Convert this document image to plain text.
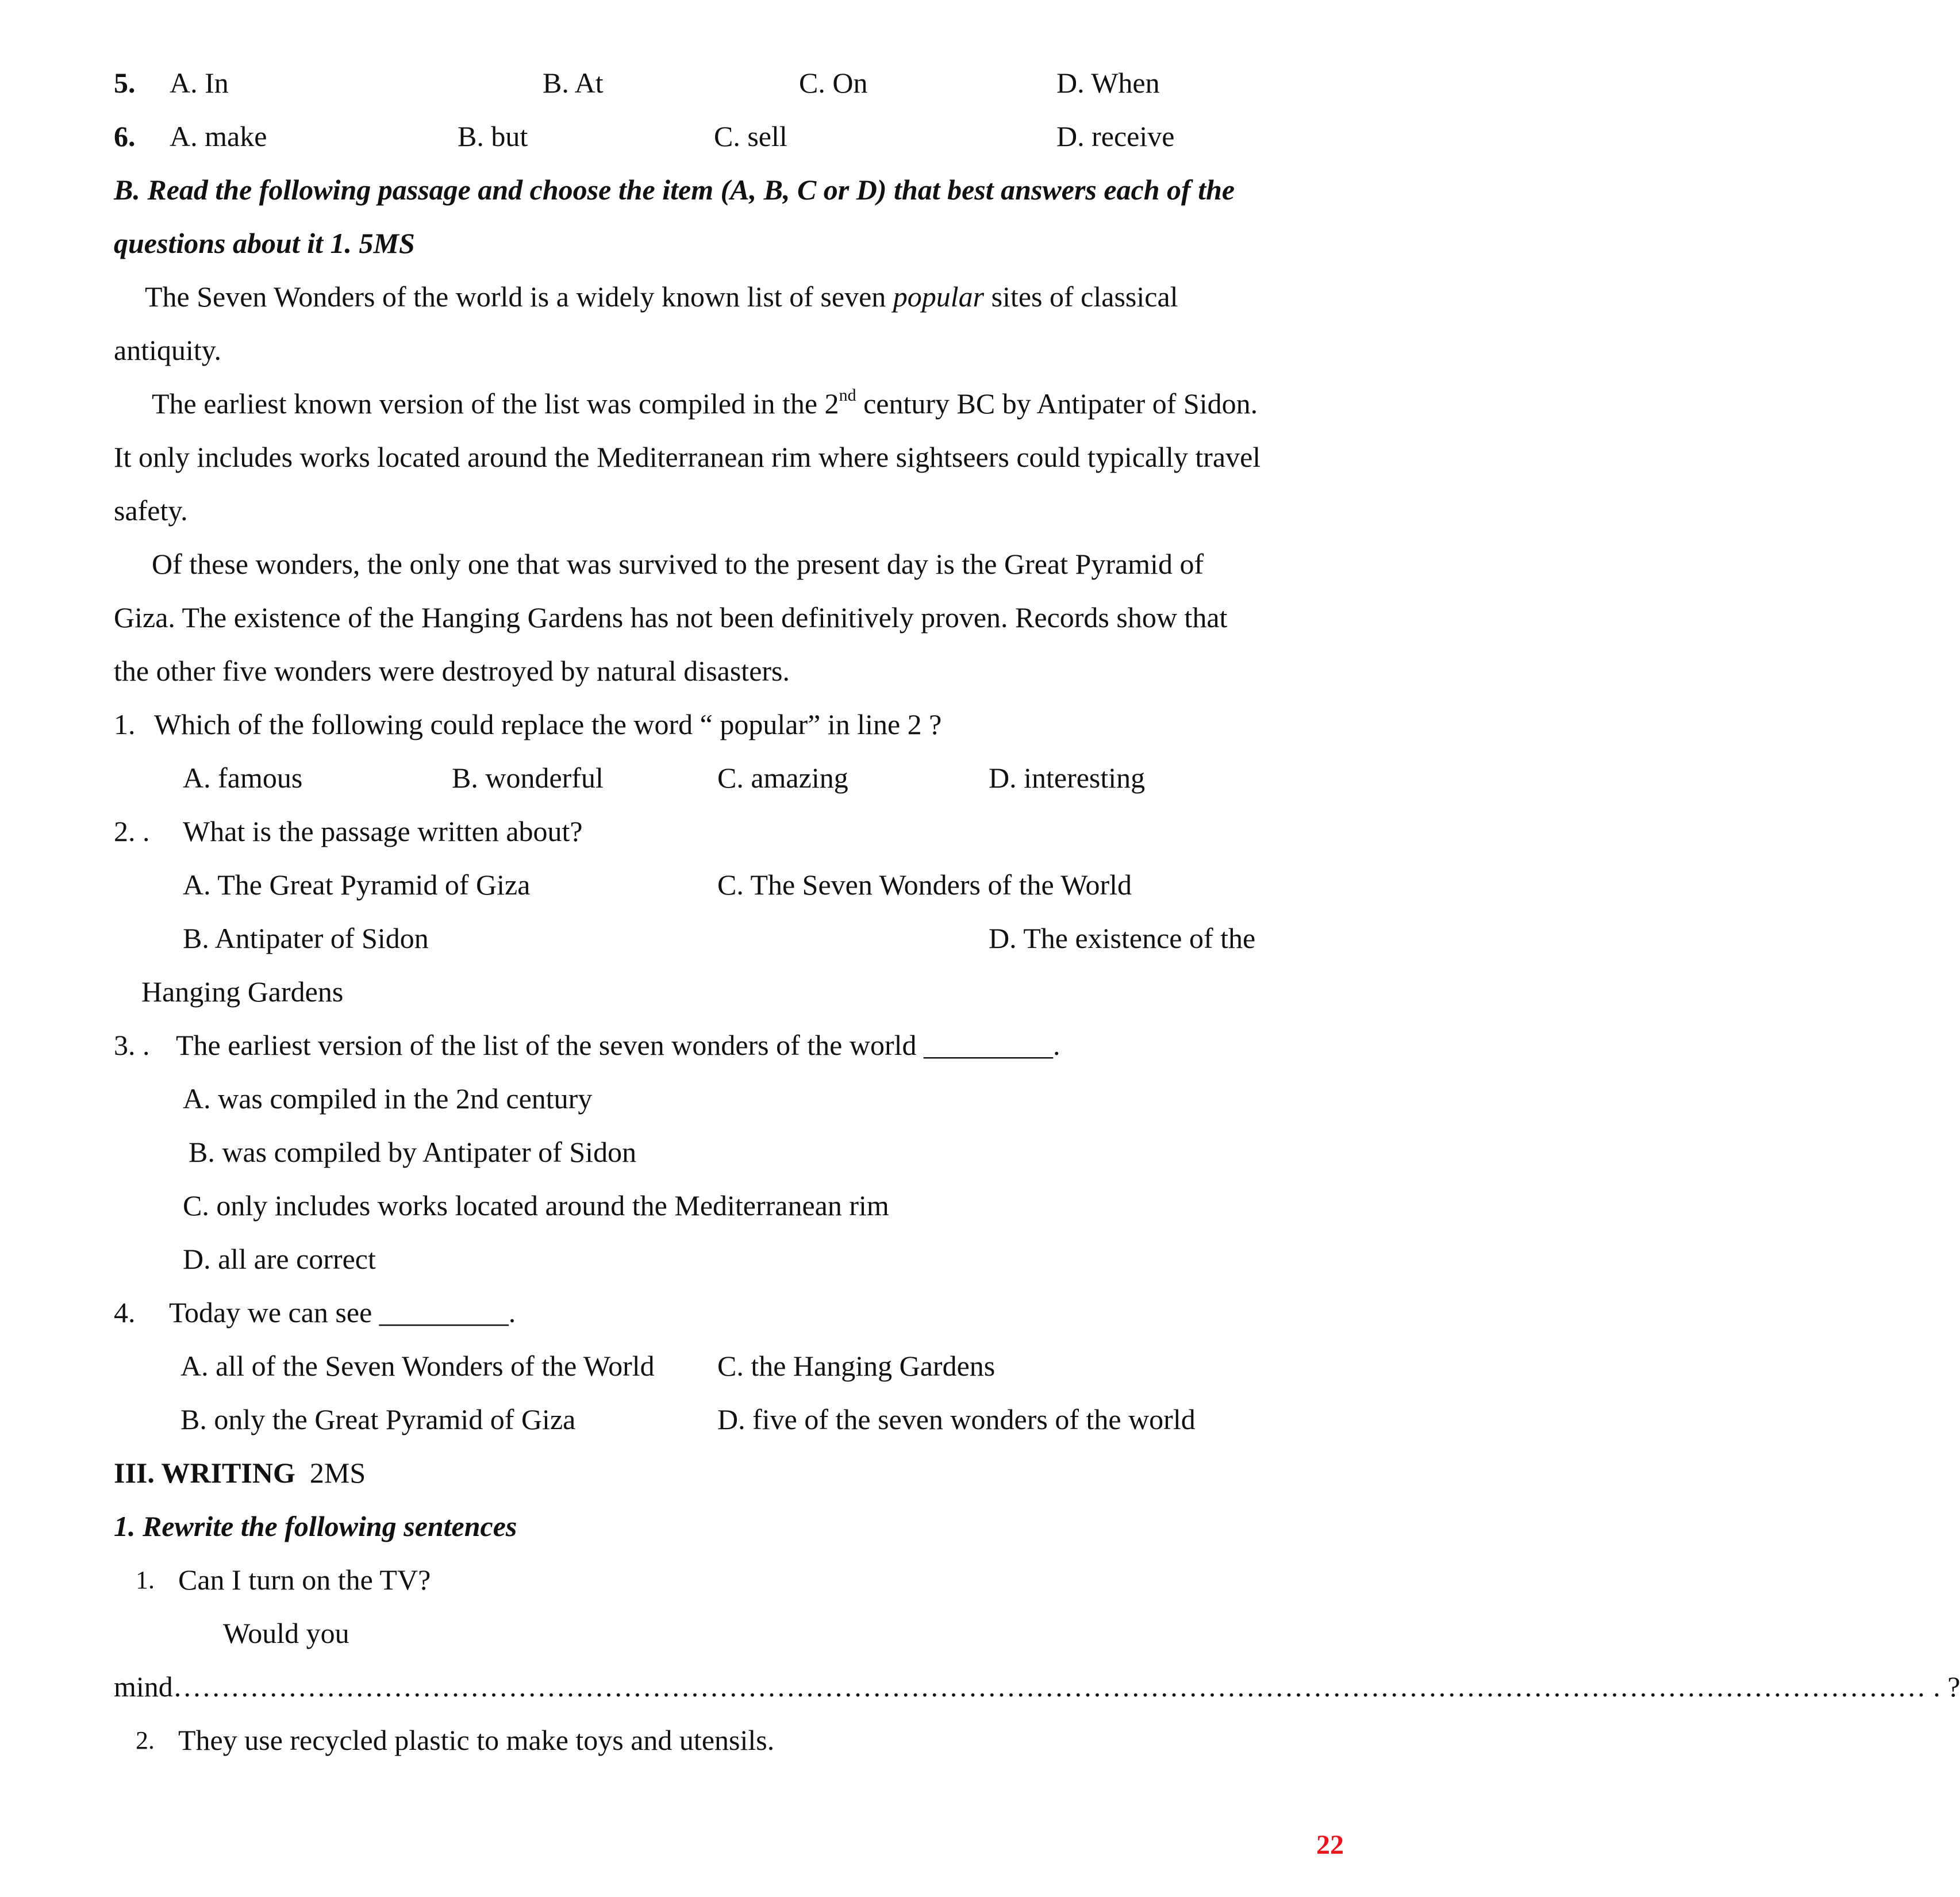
5. A. In	B. At	C. On	D. When
6. A. make	B. but	C. sell	D. receive
B. Read the following passage and choose the item (A, B, C or D) that best answers each of the
questions about it 1. 5MS
The Seven Wonders of the world is a widely known list of seven popular sites of classical
antiquity.
The earliest known version of the list was compiled in the 2nd century BC by Antipater of Sidon.
It only includes works located around the Mediterranean rim where sightseers could typically travel
safety.
Of these wonders, the only one that was survived to the present day is the Great Pyramid of
Giza. The existence of the Hanging Gardens has not been definitively proven. Records show that
the other five wonders were destroyed by natural disasters.
1. Which of the following could replace the word “ popular” in line 2 ?
A. famous	B. wonderful	C. amazing	D. interesting
2. . What is the passage written about?
A. The Great Pyramid of Giza	C. The Seven Wonders of the World
B. Antipater of Sidon	D. The existence of the
Hanging Gardens
3. . The earliest version of the list of the seven wonders of the world _________.
A. was compiled in the 2nd century
B. was compiled by Antipater of Sidon
C. only includes works located around the Mediterranean rim
D. all are correct
4. Today we can see _________.
A. all of the Seven Wonders of the World C. the Hanging Gardens
B. only the Great Pyramid of Giza	D. five of the seven wonders of the world
III. WRITING 2MS
1. Rewrite the following sentences
1. Can I turn on the TV?
Would you
mind………………………………………………………………………………………………………………………………………………………………… . ?
2. They use recycled plastic to make toys and utensils.
22
